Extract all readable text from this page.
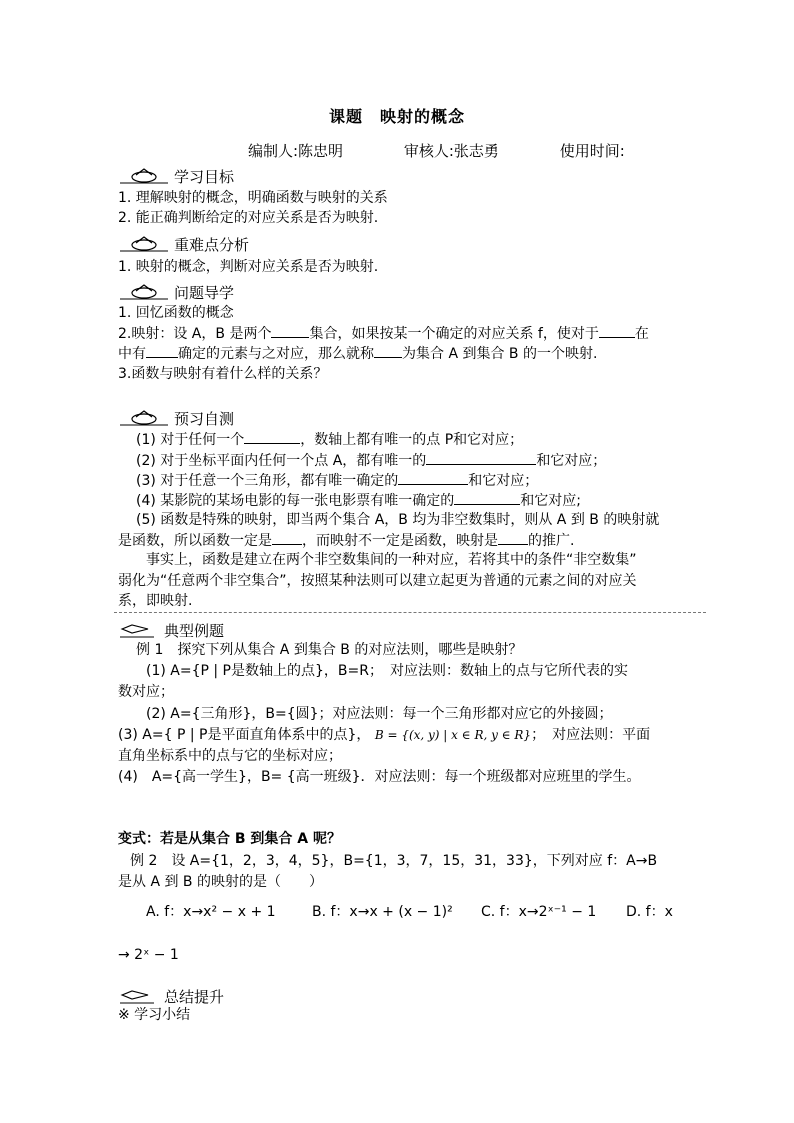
课题　映射的概念
编制人:陈忠明	审核人:张志勇	使用时间:
学习目标
1. 理解映射的概念，明确函数与映射的关系
2. 能正确判断给定的对应关系是否为映射.
重难点分析
1. 映射的概念，判断对应关系是否为映射.
问题导学
1. 回忆函数的概念
2.映射：设 A，B 是两个	集合，如果按某一个确定的对应关系 f，使对于	在
中有 确定的元素与之对应，那么就称 为集合 A 到集合 B 的一个映射.
3.函数与映射有着什么样的关系？
预习自测
(1) 对于任何一个	，数轴上都有唯一的点 P和它对应；
(2) 对于坐标平面内任何一个点 A，都有唯一的	和它对应；
(3) 对于任意一个三角形，都有唯一确定的	和它对应；
(4) 某影院的某场电影的每一张电影票有唯一确定的	和它对应;
(5) 函数是特殊的映射，即当两个集合 A，B 均为非空数集时，则从 A 到 B 的映射就
是函数，所以函数一定是 ，而映射不一定是函数，映射是 的推广.
事实上，函数是建立在两个非空数集间的一种对应，若将其中的条件“非空数集”
弱化为“任意两个非空集合”，按照某种法则可以建立起更为普通的元素之间的对应关
系，即映射.
典型例题
例 1　探究下列从集合 A 到集合 B 的对应法则，哪些是映射？
(1) A={P | P是数轴上的点}，B=R；　对应法则：数轴上的点与它所代表的实
数对应；
(2) A={三角形}，B={圆}；对应法则：每一个三角形都对应它的外接圆；
(3) A={ P | P是平面直角体系中的点}， B = {(x, y) | x ∈ R, y ∈ R}；　对应法则：平面
直角坐标系中的点与它的坐标对应；
(4)　A={高一学生}，B= {高一班级}．对应法则：每一个班级都对应班里的学生。
变式：若是从集合 B 到集合 A 呢？
例 2　设 A={1，2，3，4，5}，B={1，3，7，15，31，33}，下列对应 f：A→B
是从 A 到 B 的映射的是（　　）
A. f：x→x² − x + 1	B. f：x→x + (x − 1)² C. f：x→2ˣ⁻¹ − 1 D. f：x
→ 2ˣ − 1
总结提升
※ 学习小结
